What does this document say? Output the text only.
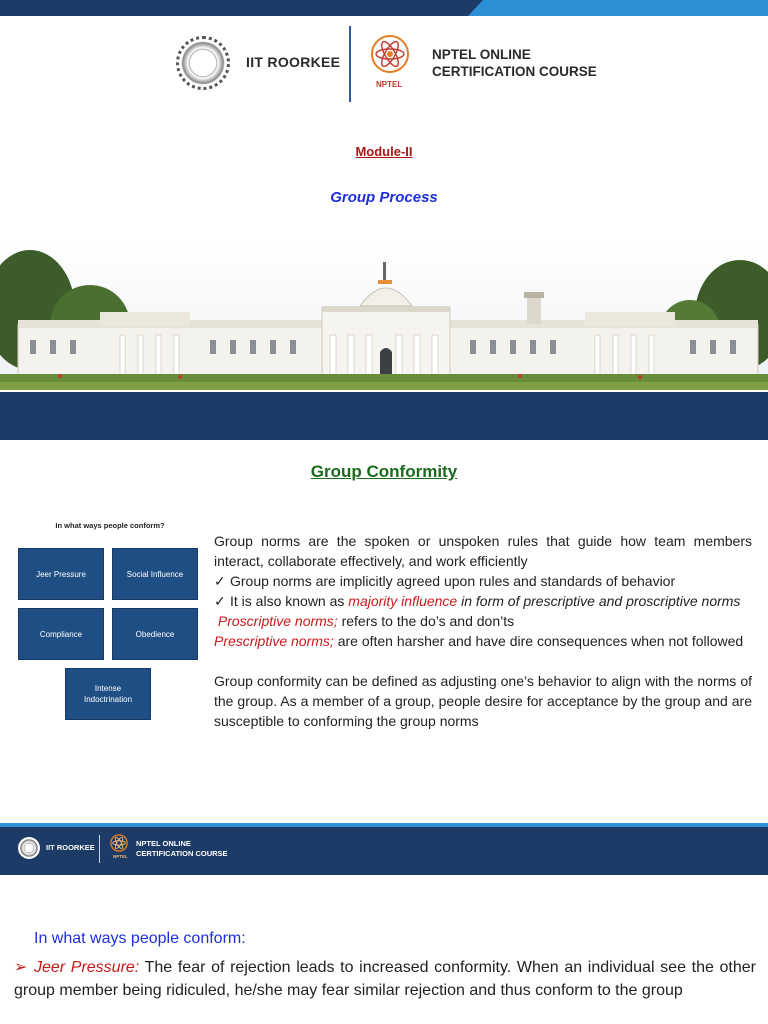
IIT ROORKEE
NPTEL
NPTEL ONLINE
CERTIFICATION COURSE
Module-II
Group Process
Group Conformity
In what ways people conform?
Jeer Pressure	Social Influence
Compliance	Obedience
Intense Indoctrination

Group norms are the spoken or unspoken rules that guide how team members interact, collaborate effectively, and work efficiently

✓ Group norms are implicitly agreed upon rules and standards of behavior
✓ It is also known as majority influence in form of prescriptive and proscriptive norms

Proscriptive norms; refers to the do’s and don’ts

Prescriptive norms; are often harsher and have dire consequences when not followed

Group conformity can be defined as adjusting one’s behavior to align with the norms of the group. As a member of a group, people desire for acceptance by the group and are susceptible to conforming the group norms

IIT ROORKEE
NPTEL
NPTEL ONLINE
CERTIFICATION COURSE
In what ways people conform:
➢ Jeer Pressure: The fear of rejection leads to increased conformity. When an individual see the other group member being ridiculed, he/she may fear similar rejection and thus conform to the group
